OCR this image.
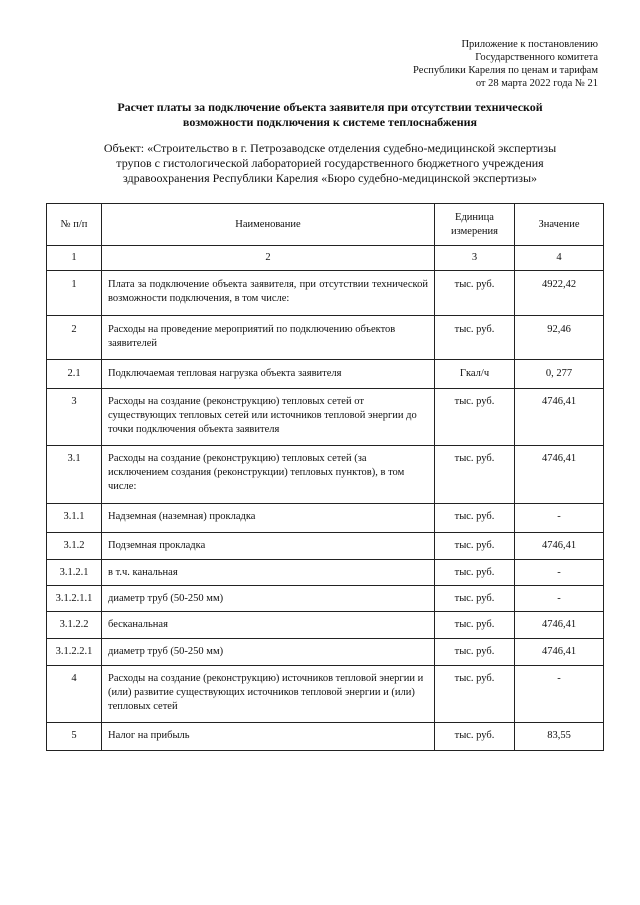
Приложение к постановлению
Государственного комитета
Республики Карелия по ценам и тарифам
от 28 марта 2022 года № 21
Расчет платы за подключение объекта заявителя при отсутствии технической
возможности подключения к системе теплоснабжения
Объект: «Строительство в г. Петрозаводске отделения судебно-медицинской экспертизы
трупов с гистологической лабораторией государственного бюджетного учреждения
здравоохранения Республики Карелия «Бюро судебно-медицинской экспертизы»
№ п/п	Наименование	Единица измерения	Значение
1	2	3	4
1	Плата за подключение объекта заявителя, при отсутствии технической возможности подключения, в том числе:	тыс. руб.	4922,42
2	Расходы на проведение мероприятий по подключению объектов заявителей	тыс. руб.	92,46
2.1	Подключаемая тепловая нагрузка объекта заявителя	Гкал/ч	0, 277
3	Расходы на создание (реконструкцию) тепловых сетей от существующих тепловых сетей или источников тепловой энергии до точки подключения объекта заявителя	тыс. руб.	4746,41
3.1	Расходы на создание (реконструкцию) тепловых сетей (за исключением создания (реконструкции) тепловых пунктов), в том числе:	тыс. руб.	4746,41
3.1.1	Надземная (наземная) прокладка	тыс. руб.	-
3.1.2	Подземная прокладка	тыс. руб.	4746,41
3.1.2.1	в т.ч. канальная	тыс. руб.	-
3.1.2.1.1	диаметр труб (50-250 мм)	тыс. руб.	-
3.1.2.2	бесканальная	тыс. руб.	4746,41
3.1.2.2.1	диаметр труб (50-250 мм)	тыс. руб.	4746,41
4	Расходы на создание (реконструкцию) источников тепловой энергии и (или) развитие существующих источников тепловой энергии и (или) тепловых сетей	тыс. руб.	-
5	Налог на прибыль	тыс. руб.	83,55
